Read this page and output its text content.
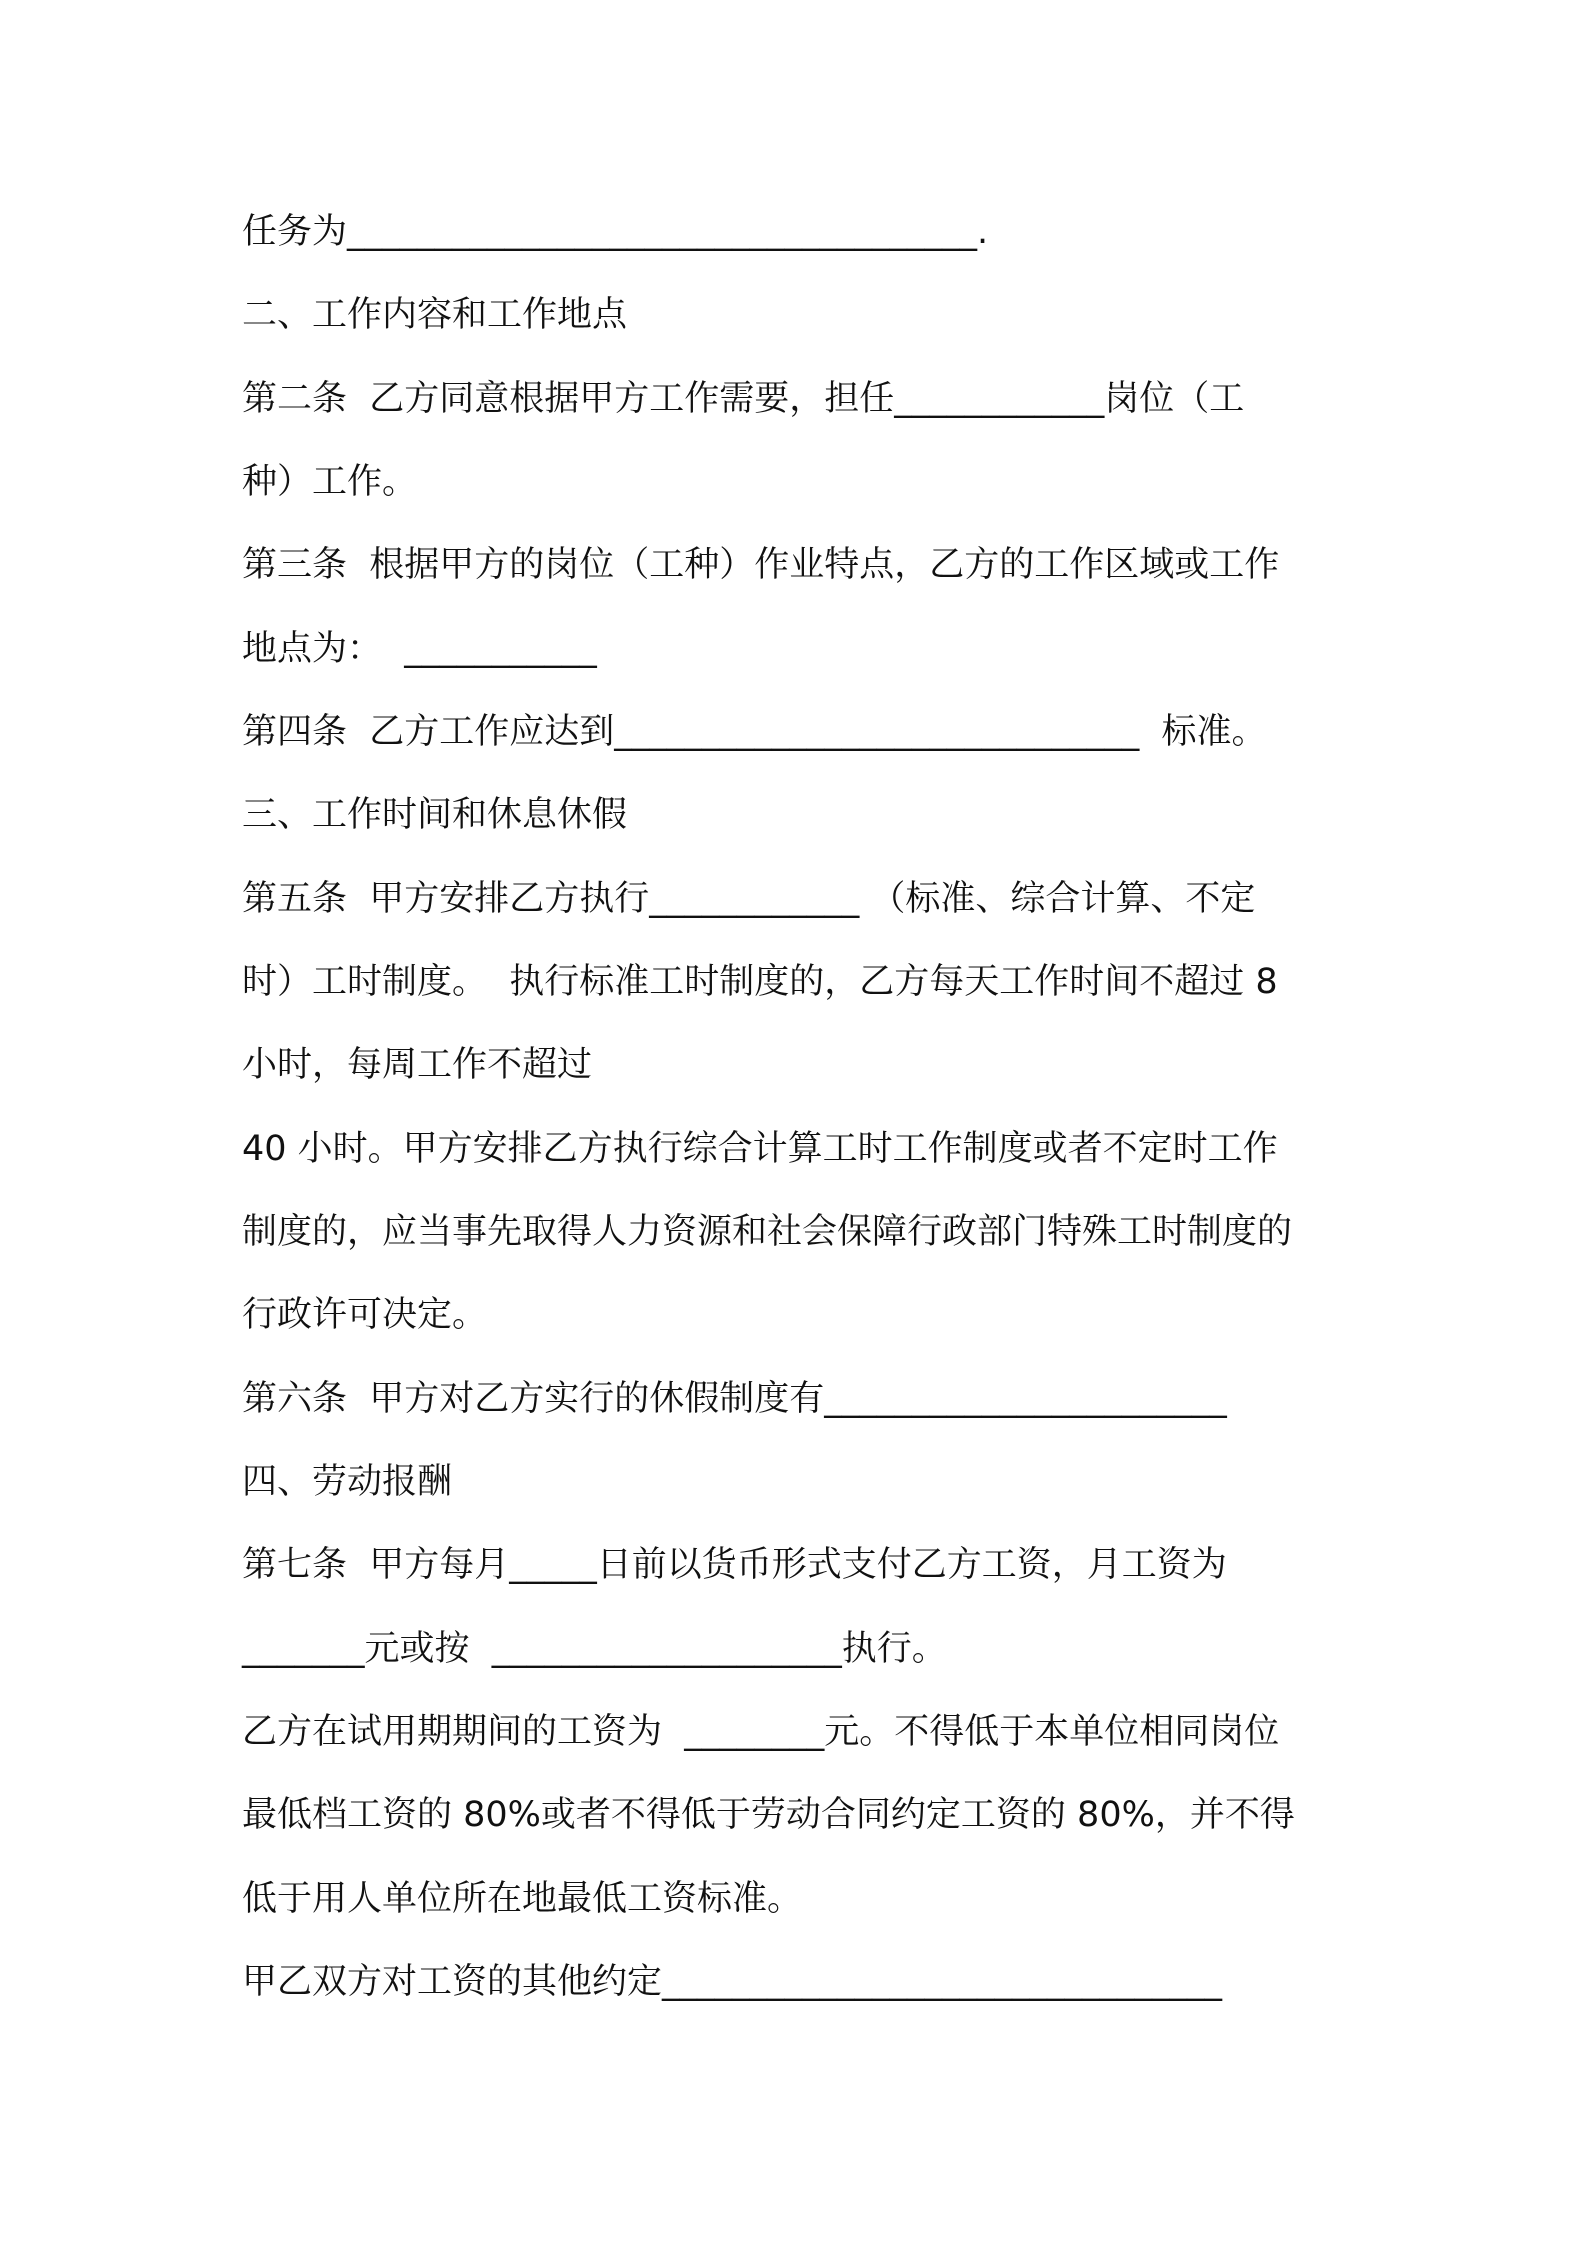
任务为____________________________________.

二、工作内容和工作地点

第二条  乙方同意根据甲方工作需要，担任____________岗位（工

种）工作。

第三条  根据甲方的岗位（工种）作业特点，乙方的工作区域或工作

地点为：  ___________

第四条  乙方工作应达到______________________________  标准。

三、工作时间和休息休假

第五条  甲方安排乙方执行____________ （标准、综合计算、不定

时）工时制度。  执行标准工时制度的，乙方每天工作时间不超过 8

小时，每周工作不超过

40 小时。甲方安排乙方执行综合计算工时工作制度或者不定时工作

制度的，应当事先取得人力资源和社会保障行政部门特殊工时制度的

行政许可决定。

第六条  甲方对乙方实行的休假制度有_______________________

四、劳动报酬

第七条  甲方每月_____日前以货币形式支付乙方工资，月工资为

_______元或按  ____________________执行。

乙方在试用期期间的工资为  ________元。不得低于本单位相同岗位

最低档工资的 80%或者不得低于劳动合同约定工资的 80%，并不得

低于用人单位所在地最低工资标准。

甲乙双方对工资的其他约定________________________________
